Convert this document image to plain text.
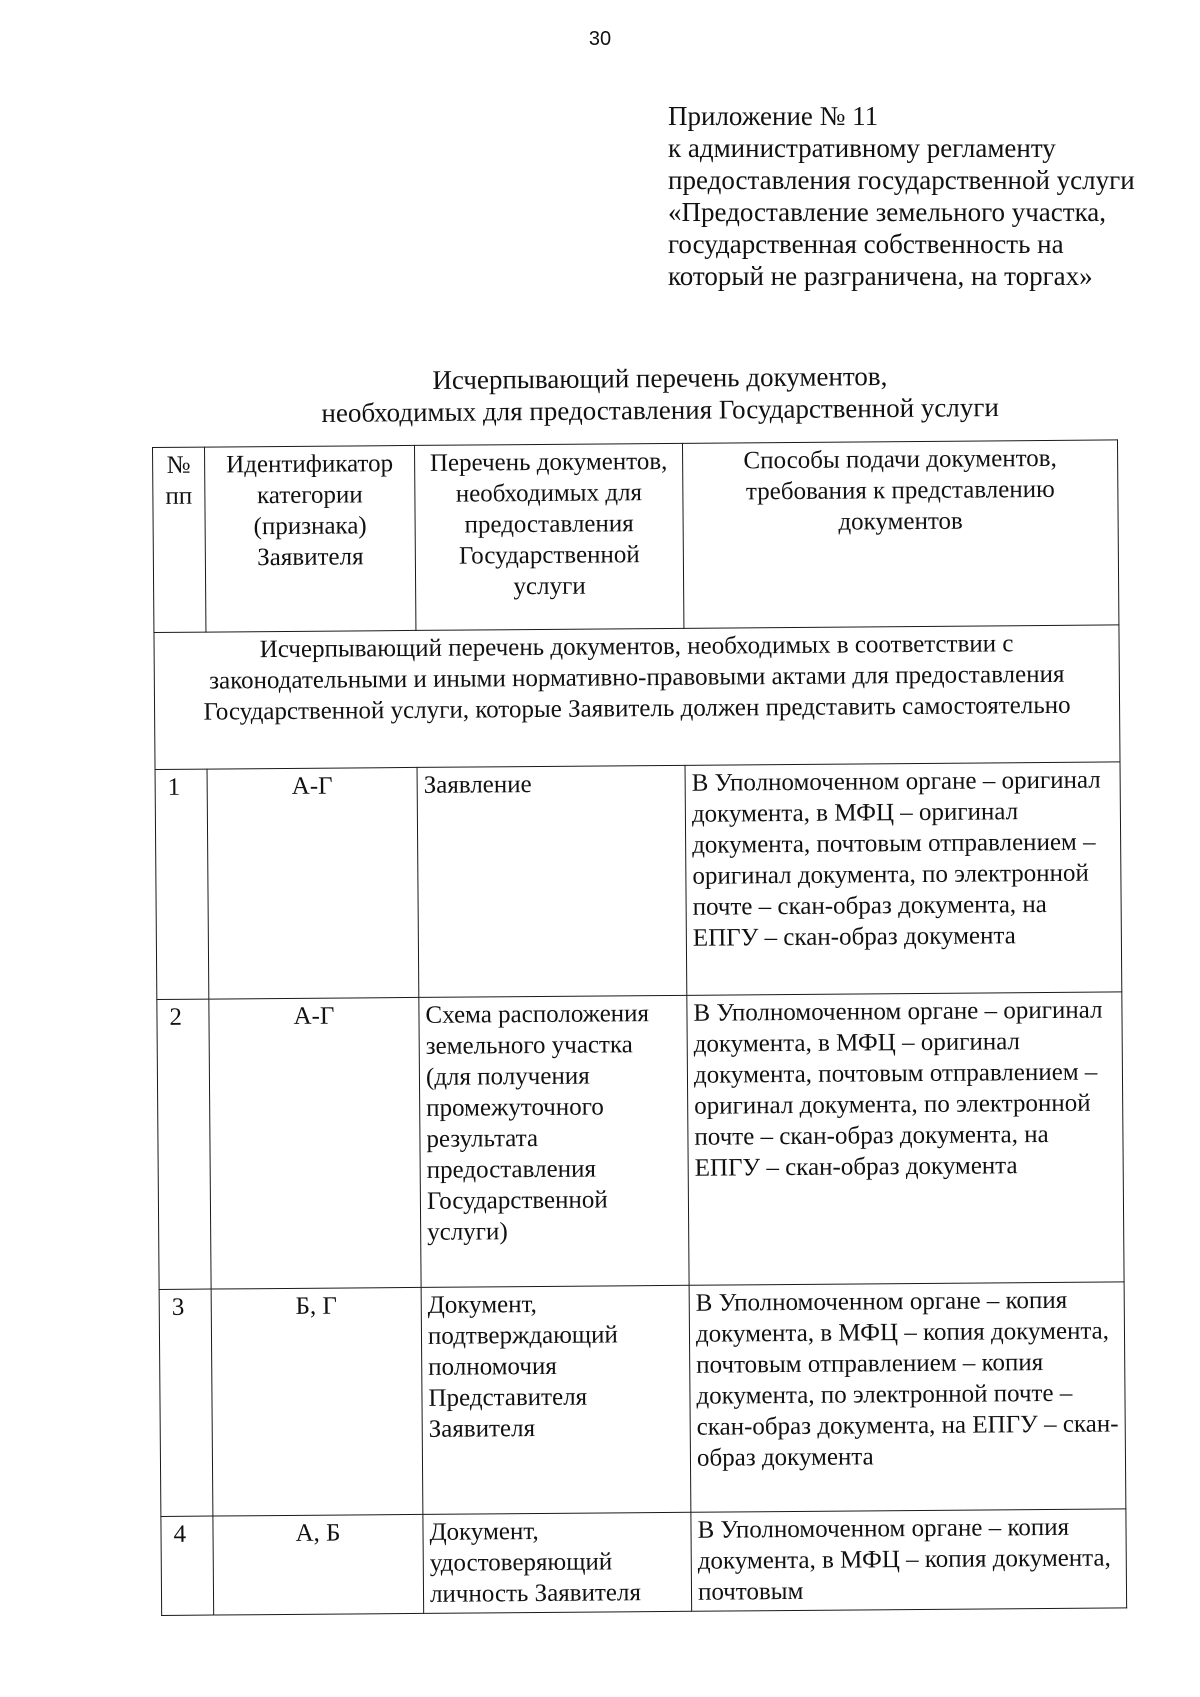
30
Приложение № 11
к административному регламенту
предоставления государственной услуги
«Предоставление земельного участка,
государственная собственность на
который не разграничена, на торгах»
Исчерпывающий перечень документов,
необходимых для предоставления Государственной услуги
№ пп	Идентификатор категории (признака) Заявителя	Перечень документов, необходимых для предоставления Государственной услуги	Способы подачи документов, требования к представлению документов
Исчерпывающий перечень документов, необходимых в соответствии с законодательными и иными нормативно-правовыми актами для предоставления Государственной услуги, которые Заявитель должен представить самостоятельно			
1	А-Г	Заявление	В Уполномоченном органе – оригинал документа, в МФЦ – оригинал документа, почтовым отправлением – оригинал документа, по электронной почте – скан-образ документа, на ЕПГУ – скан-образ документа
2	А-Г	Схема расположения земельного участка (для получения промежуточного результата предоставления Государственной услуги)	В Уполномоченном органе – оригинал документа, в МФЦ – оригинал документа, почтовым отправлением – оригинал документа, по электронной почте – скан-образ документа, на ЕПГУ – скан-образ документа
3	Б, Г	Документ, подтверждающий полномочия Представителя Заявителя	В Уполномоченном органе – копия документа, в МФЦ – копия документа, почтовым отправлением – копия документа, по электронной почте – скан-образ документа, на ЕПГУ – скан-образ документа
4	А, Б	Документ, удостоверяющий личность Заявителя	В Уполномоченном органе – копия документа, в МФЦ – копия документа, почтовым
